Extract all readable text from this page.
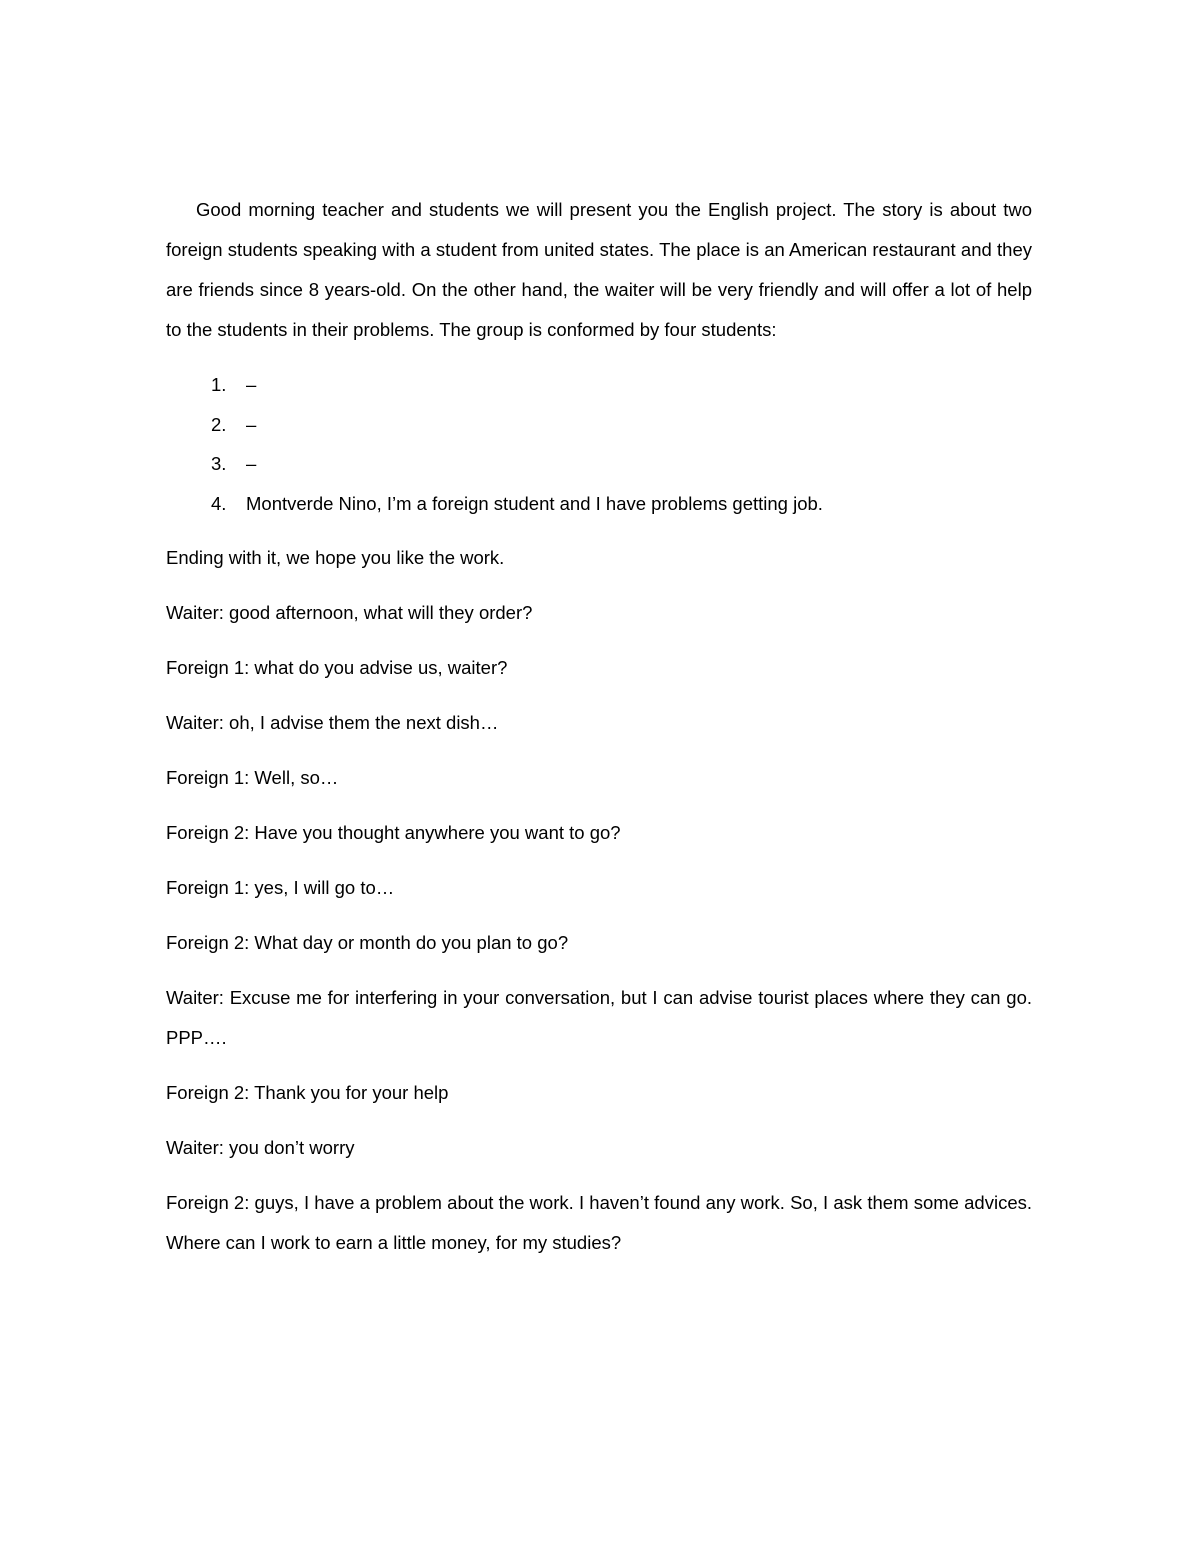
Good morning teacher and students we will present you the English project. The story is about two foreign students speaking with a student from united states. The place is an American restaurant and they are friends since 8 years-old. On the other hand, the waiter will be very friendly and will offer a lot of help to the students in their problems. The group is conformed by four students:

1. –
2. –
3. –
4. Montverde Nino, I’m a foreign student and I have problems getting job.

Ending with it, we hope you like the work.

Waiter: good afternoon, what will they order?

Foreign 1: what do you advise us, waiter?

Waiter: oh, I advise them the next dish…

Foreign 1: Well, so…

Foreign 2: Have you thought anywhere you want to go?

Foreign 1: yes, I will go to…

Foreign 2: What day or month do you plan to go?

Waiter: Excuse me for interfering in your conversation, but I can advise tourist places where they can go. PPP….

Foreign 2: Thank you for your help

Waiter: you don’t worry

Foreign 2: guys, I have a problem about the work. I haven’t found any work. So, I ask them some advices. Where can I work to earn a little money, for my studies?
